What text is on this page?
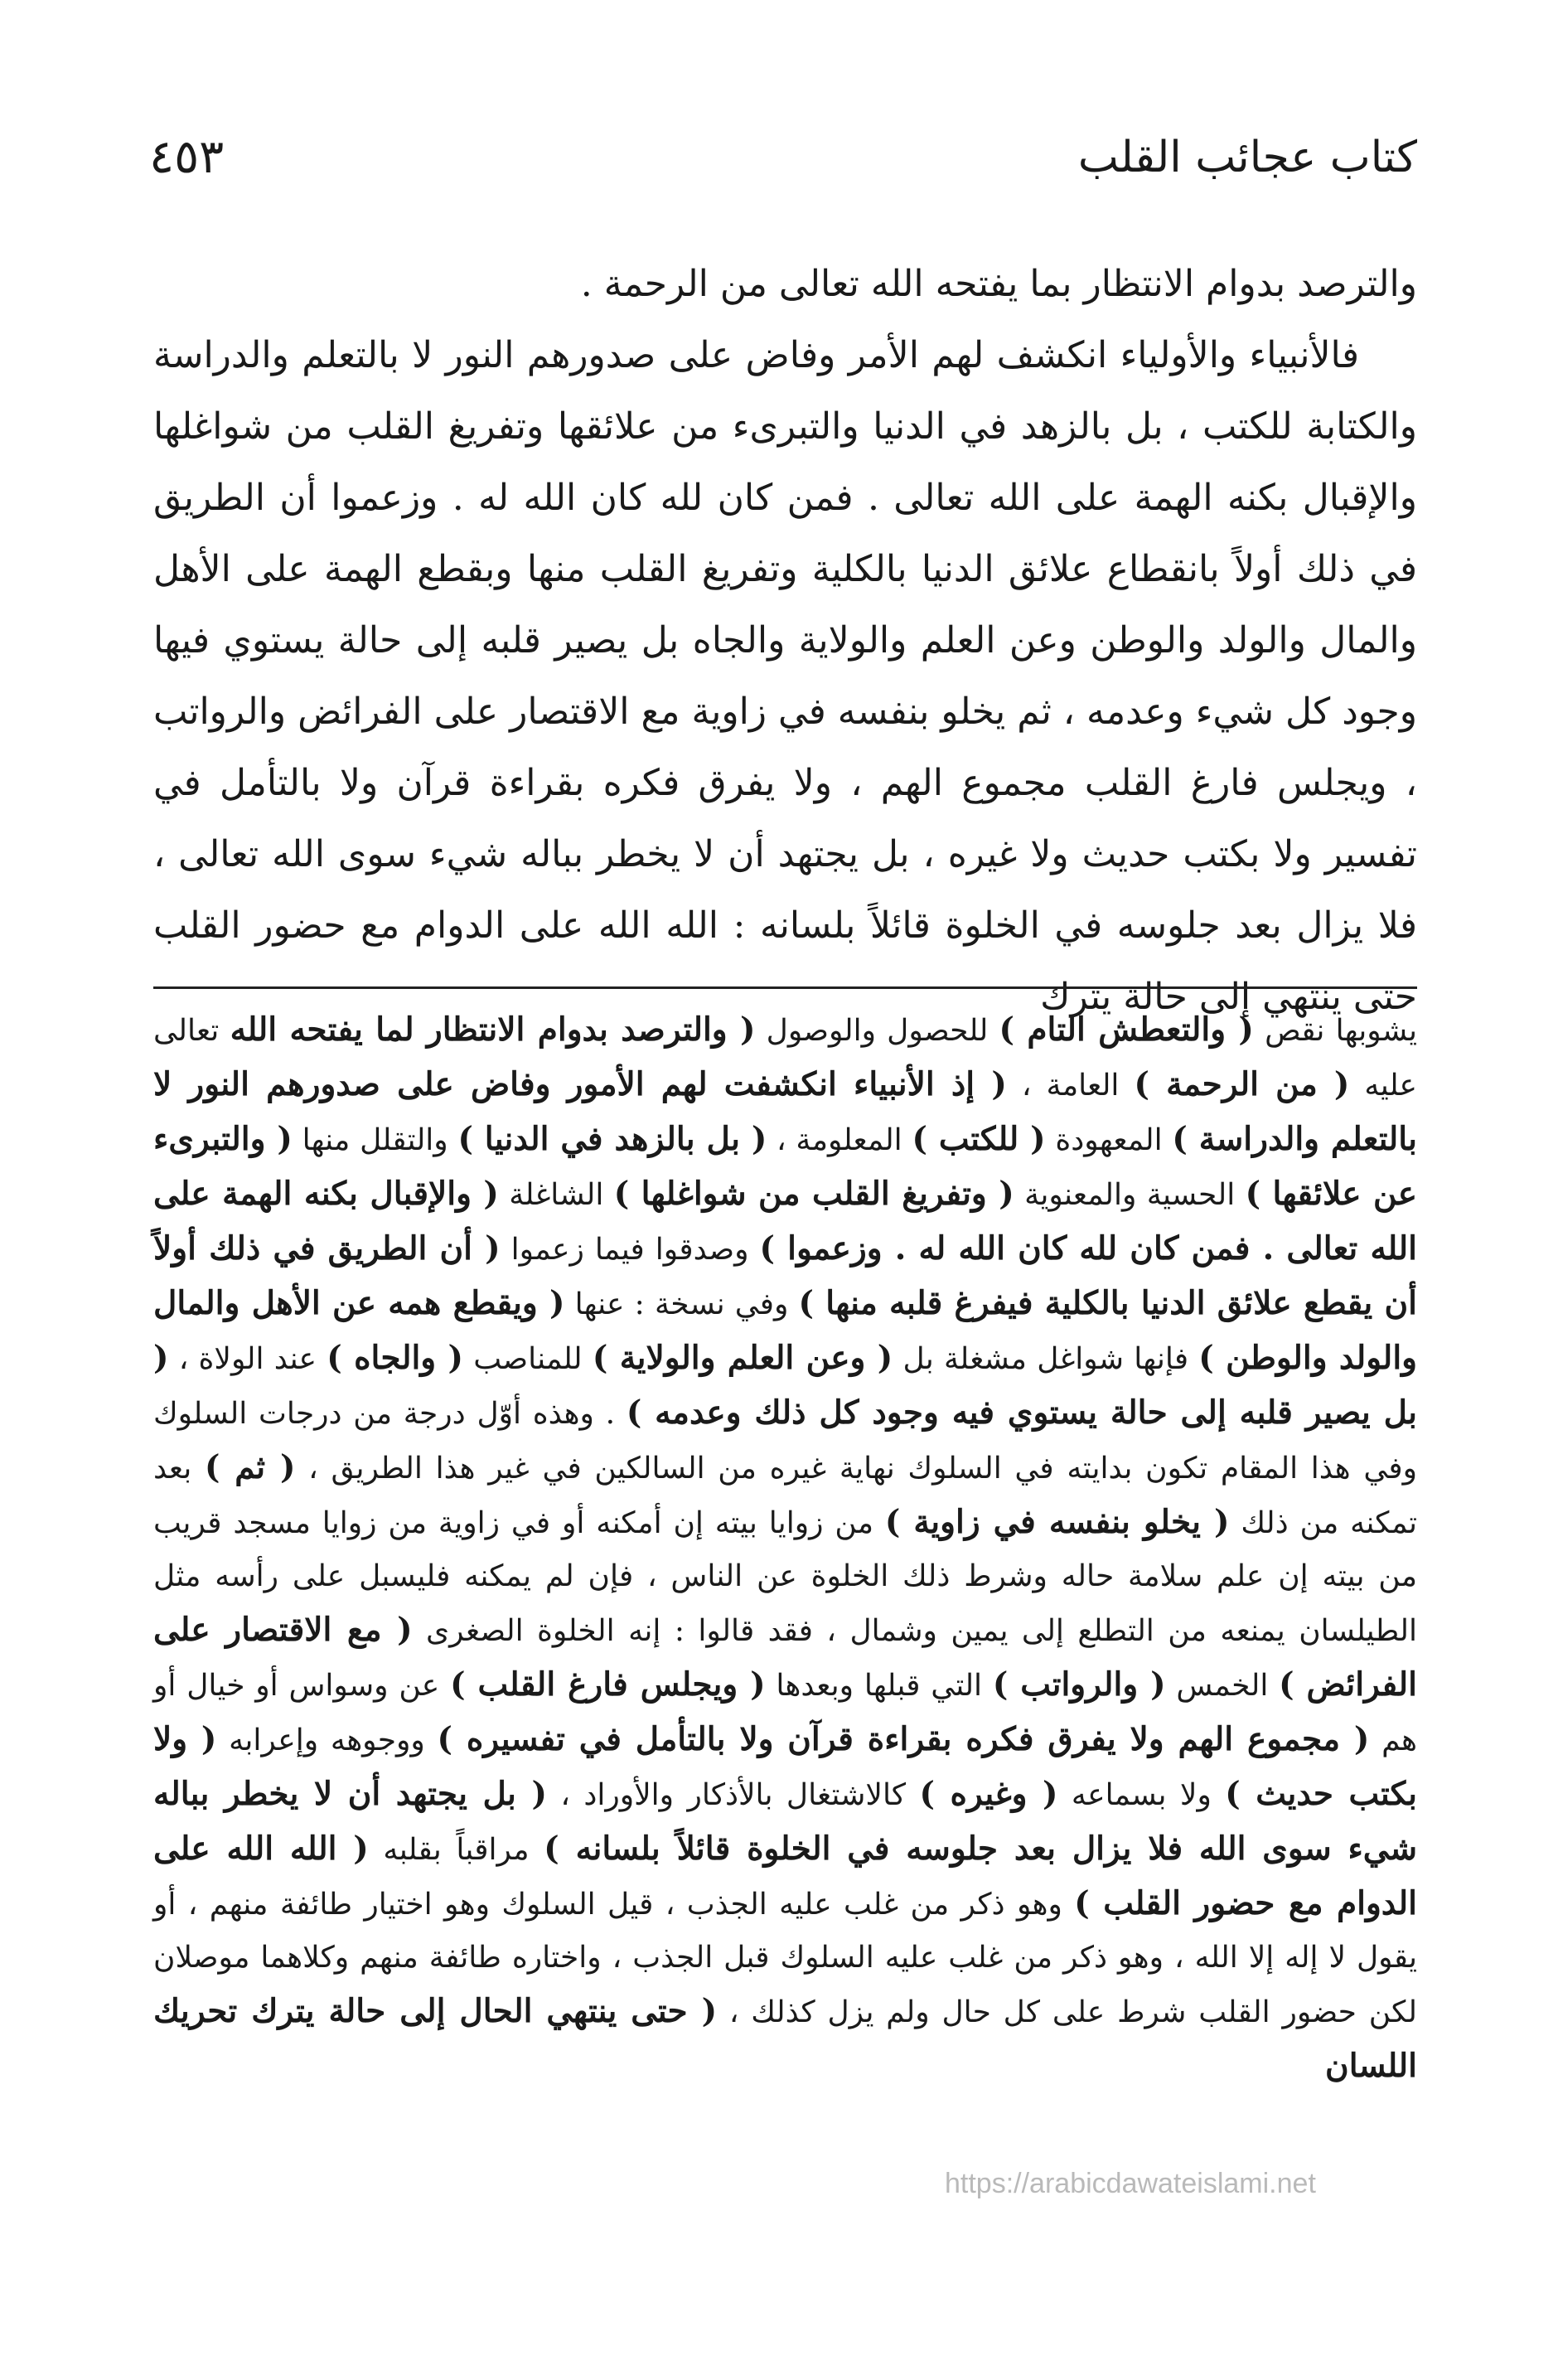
كتاب عجائب القلب
٤٥٣

والترصد بدوام الانتظار بما يفتحه الله تعالى من الرحمة .

فالأنبياء والأولياء انكشف لهم الأمر وفاض على صدورهم النور لا بالتعلم والدراسة والكتابة للكتب ، بل بالزهد في الدنيا والتبرىء من علائقها وتفريغ القلب من شواغلها والإقبال بكنه الهمة على الله تعالى . فمن كان لله كان الله له . وزعموا أن الطريق في ذلك أولاً بانقطاع علائق الدنيا بالكلية وتفريغ القلب منها وبقطع الهمة على الأهل والمال والولد والوطن وعن العلم والولاية والجاه بل يصير قلبه إلى حالة يستوي فيها وجود كل شيء وعدمه ، ثم يخلو بنفسه في زاوية مع الاقتصار على الفرائض والرواتب ، ويجلس فارغ القلب مجموع الهم ، ولا يفرق فكره بقراءة قرآن ولا بالتأمل في تفسير ولا بكتب حديث ولا غيره ، بل يجتهد أن لا يخطر بباله شيء سوى الله تعالى ، فلا يزال بعد جلوسه في الخلوة قائلاً بلسانه : الله الله على الدوام مع حضور القلب حتى ينتهي إلى حالة يترك

يشوبها نقص ( والتعطش التام ) للحصول والوصول ( والترصد بدوام الانتظار لما يفتحه الله تعالى عليه ( من الرحمة ) العامة ، ( إذ الأنبياء انكشفت لهم الأمور وفاض على صدورهم النور لا بالتعلم والدراسة ) المعهودة ( للكتب ) المعلومة ، ( بل بالزهد في الدنيا ) والتقلل منها ( والتبرىء عن علائقها ) الحسية والمعنوية ( وتفريغ القلب من شواغلها ) الشاغلة ( والإقبال بكنه الهمة على الله تعالى . فمن كان لله كان الله له . وزعموا ) وصدقوا فيما زعموا ( أن الطريق في ذلك أولاً أن يقطع علائق الدنيا بالكلية فيفرغ قلبه منها ) وفي نسخة : عنها ( ويقطع همه عن الأهل والمال والولد والوطن ) فإنها شواغل مشغلة بل ( وعن العلم والولاية ) للمناصب ( والجاه ) عند الولاة ، ( بل يصير قلبه إلى حالة يستوي فيه وجود كل ذلك وعدمه ) . وهذه أوّل درجة من درجات السلوك وفي هذا المقام تكون بدايته في السلوك نهاية غيره من السالكين في غير هذا الطريق ، ( ثم ) بعد تمكنه من ذلك ( يخلو بنفسه في زاوية ) من زوايا بيته إن أمكنه أو في زاوية من زوايا مسجد قريب من بيته إن علم سلامة حاله وشرط ذلك الخلوة عن الناس ، فإن لم يمكنه فليسبل على رأسه مثل الطيلسان يمنعه من التطلع إلى يمين وشمال ، فقد قالوا : إنه الخلوة الصغرى ( مع الاقتصار على الفرائض ) الخمس ( والرواتب ) التي قبلها وبعدها ( ويجلس فارغ القلب ) عن وسواس أو خيال أو هم ( مجموع الهم ولا يفرق فكره بقراءة قرآن ولا بالتأمل في تفسيره ) ووجوهه وإعرابه ( ولا بكتب حديث ) ولا بسماعه ( وغيره ) كالاشتغال بالأذكار والأوراد ، ( بل يجتهد أن لا يخطر بباله شيء سوى الله فلا يزال بعد جلوسه في الخلوة قائلاً بلسانه ) مراقباً بقلبه ( الله الله على الدوام مع حضور القلب ) وهو ذكر من غلب عليه الجذب ، قيل السلوك وهو اختيار طائفة منهم ، أو يقول لا إله إلا الله ، وهو ذكر من غلب عليه السلوك قبل الجذب ، واختاره طائفة منهم وكلاهما موصلان لكن حضور القلب شرط على كل حال ولم يزل كذلك ، ( حتى ينتهي الحال إلى حالة يترك تحريك اللسان

https://arabicdawateislami.net
